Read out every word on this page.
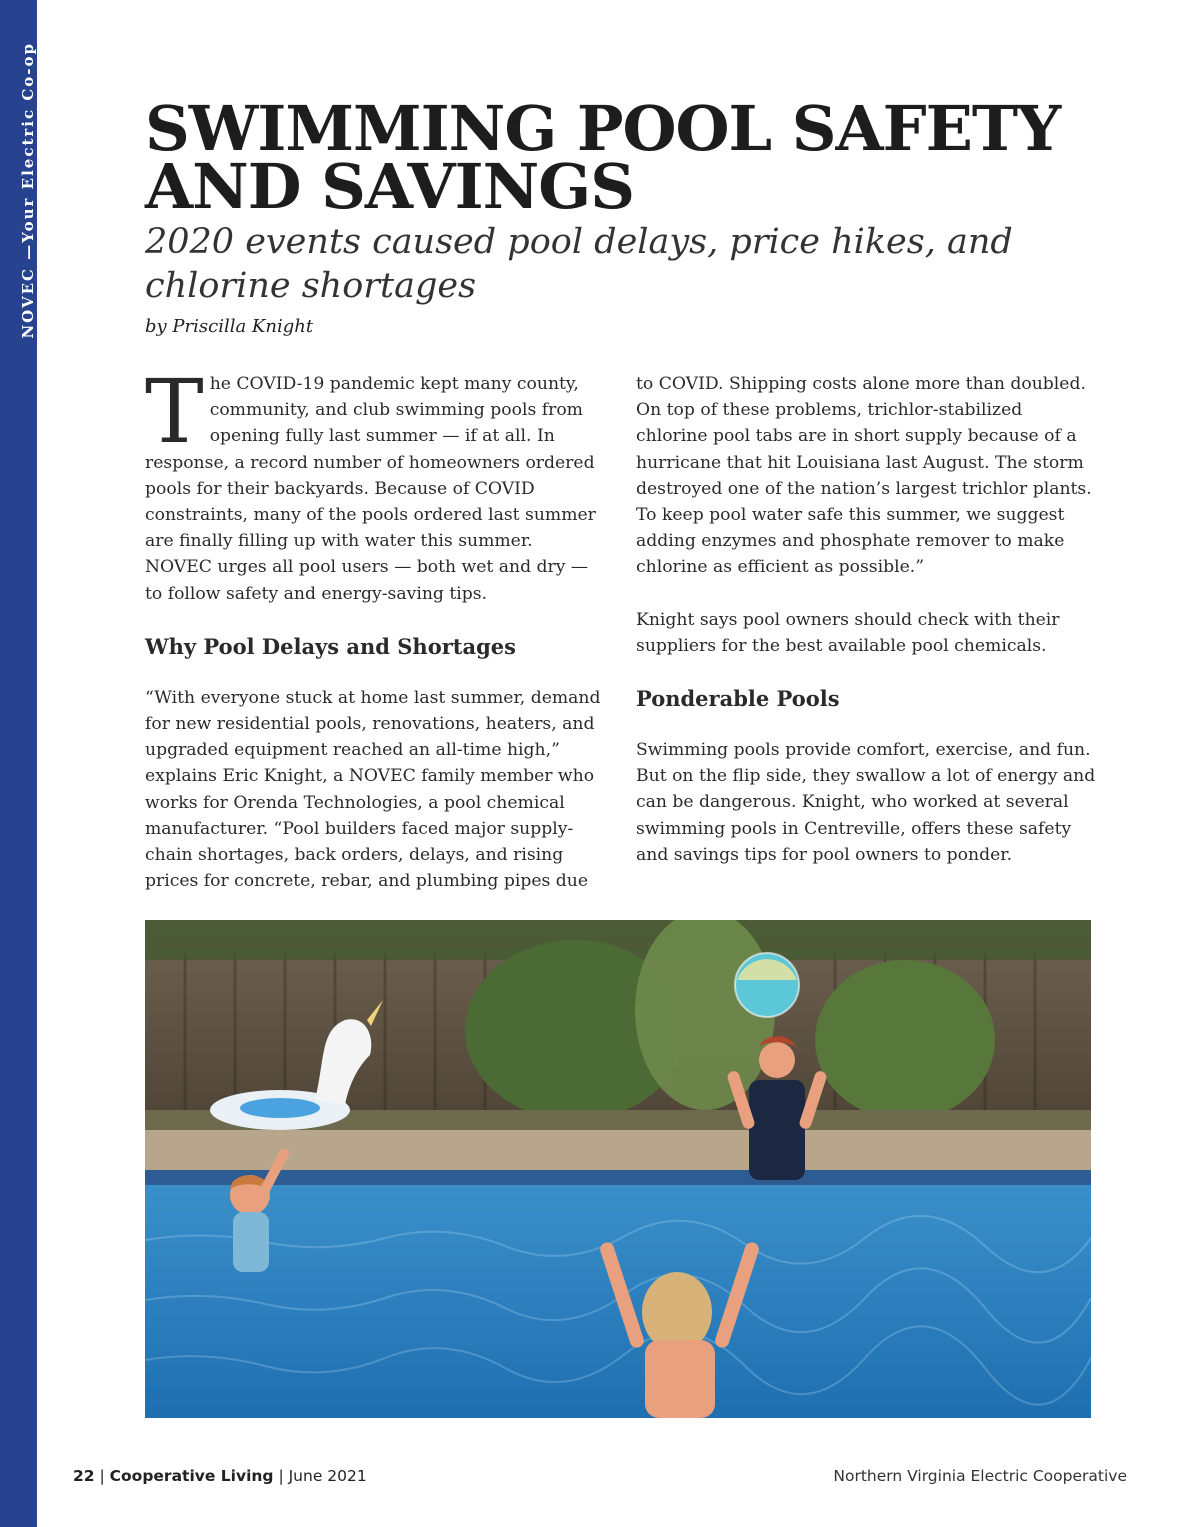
NOVEC —Your Electric Co-op SWIMMING POOL SAFETY
AND SAVINGS
2020 events caused pool delays, price hikes, and chlorine shortages
by Priscilla Knight

The COVID-19 pandemic kept many county, community, and club swimming pools from opening fully last summer — if at all. In response, a record number of homeowners ordered pools for their backyards. Because of COVID constraints, many of the pools ordered last summer are finally filling up with water this summer. NOVEC urges all pool users — both wet and dry — to follow safety and energy-saving tips.

Why Pool Delays and Shortages

“With everyone stuck at home last summer, demand for new residential pools, renovations, heaters, and upgraded equipment reached an all-time high,” explains Eric Knight, a NOVEC family member who works for Orenda Technologies, a pool chemical manufacturer. “Pool builders faced major supply-chain shortages, back orders, delays, and rising prices for concrete, rebar, and plumbing pipes due

to COVID. Shipping costs alone more than doubled. On top of these problems, trichlor-stabilized chlorine pool tabs are in short supply because of a hurricane that hit Louisiana last August. The storm destroyed one of the nation’s largest trichlor plants. To keep pool water safe this summer, we suggest adding enzymes and phosphate remover to make chlorine as efficient as possible.”

Knight says pool owners should check with their suppliers for the best available pool chemicals.

Ponderable Pools

Swimming pools provide comfort, exercise, and fun. But on the flip side, they swallow a lot of energy and can be dangerous. Knight, who worked at several swimming pools in Centreville, offers these safety and savings tips for pool owners to ponder.

22 | Cooperative Living | June 2021	Northern Virginia Electric Cooperative
